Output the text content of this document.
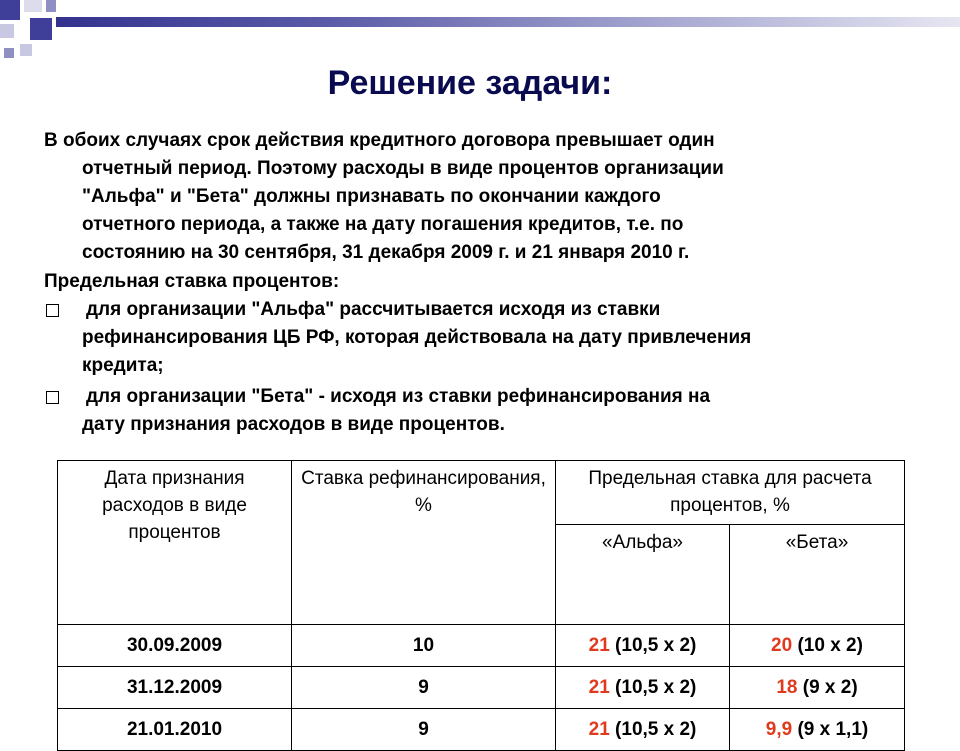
Решение задачи:
В обоих случаях срок действия кредитного договора превышает один
отчетный период. Поэтому расходы в виде процентов организации
"Альфа" и "Бета" должны признавать по окончании каждого
отчетного периода, а также на дату погашения кредитов, т.е. по
состоянию на 30 сентября, 31 декабря 2009 г. и 21 января 2010 г.
Предельная ставка процентов:
для организации "Альфа" рассчитывается исходя из ставки
рефинансирования ЦБ РФ, которая действовала на дату привлечения
кредита;
для организации "Бета" - исходя из ставки рефинансирования на
дату признания расходов в виде процентов.
Дата признания расходов в виде процентов	Ставка рефинансирования, %	Предельная ставка для расчета процентов, %	
		«Альфа»	«Бета»
30.09.2009	10	21 (10,5 х 2)	20 (10 х 2)
31.12.2009	9	21 (10,5 х 2)	18 (9 х 2)
21.01.2010	9	21 (10,5 х 2)	9,9 (9 х 1,1)
